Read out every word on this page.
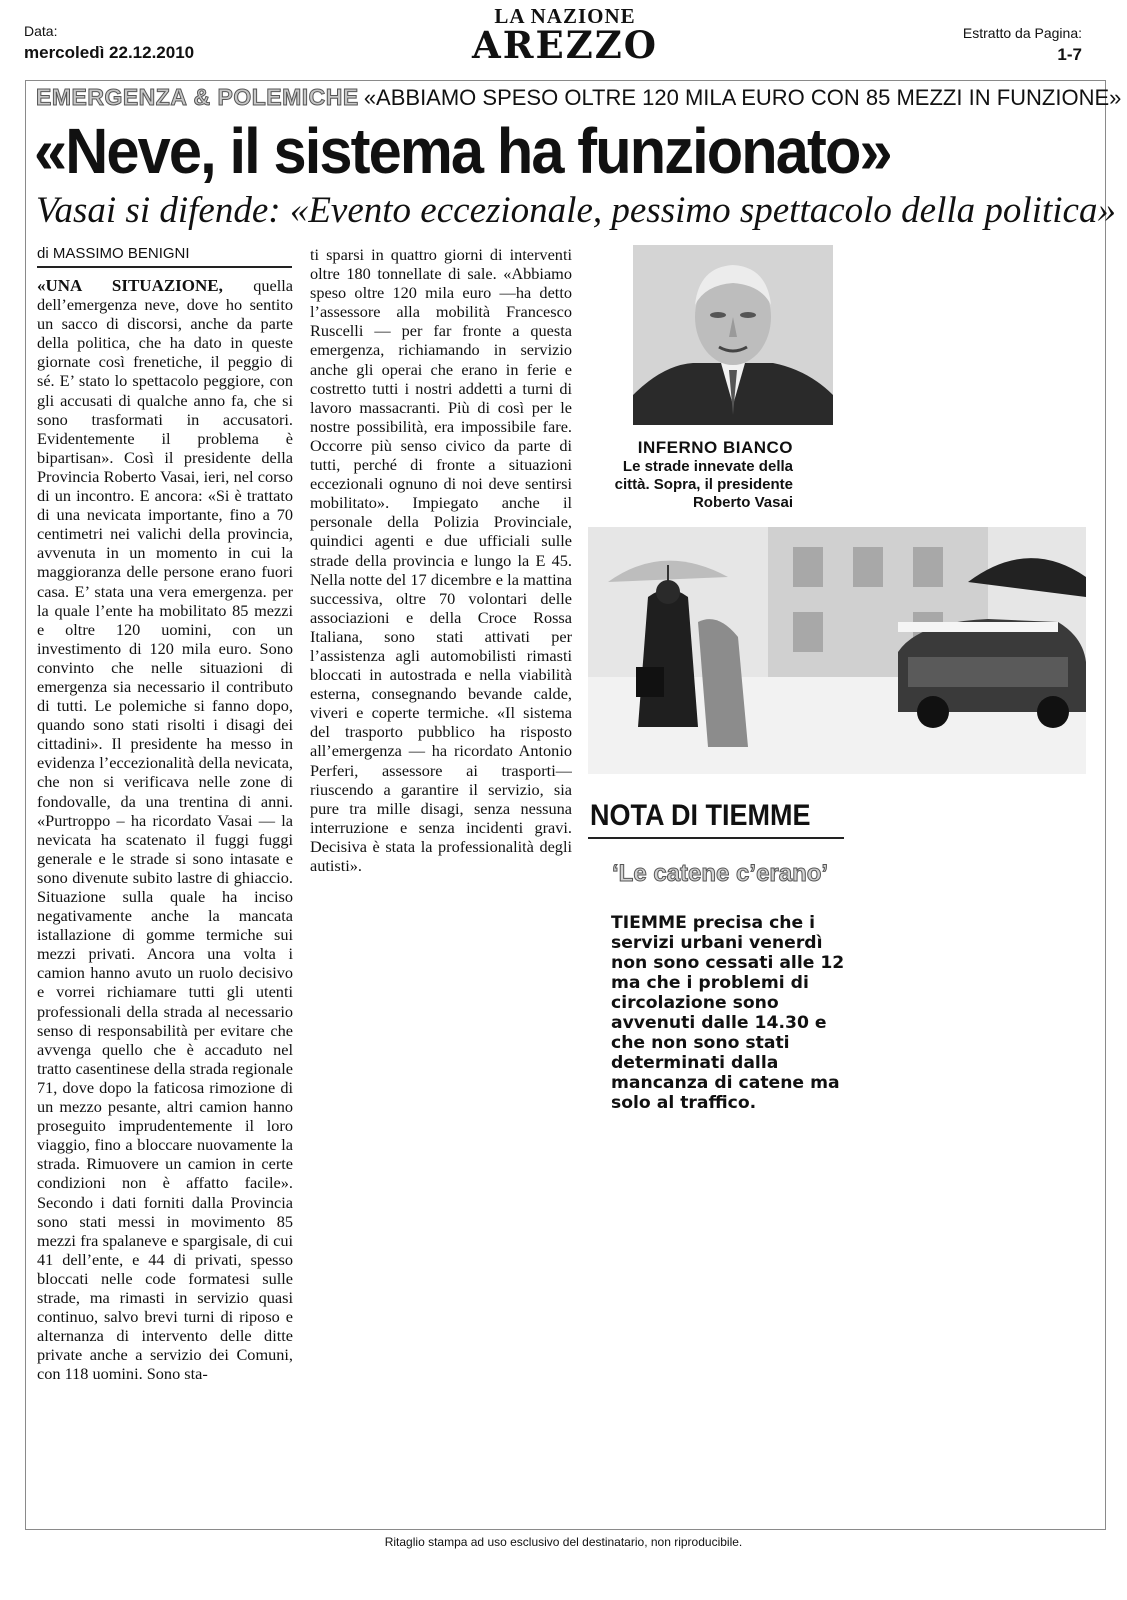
Data:
mercoledì 22.12.2010
LA NAZIONE
AREZZO	Estratto da Pagina:
1-7
EMERGENZA & POLEMICHE «ABBIAMO SPESO OLTRE 120 MILA EURO CON 85 MEZZI IN FUNZIONE»
«Neve, il sistema ha funzionato»
Vasai si difende: «Evento eccezionale, pessimo spettacolo della politica»
di MASSIMO BENIGNI

«UNA SITUAZIONE, quella dell’emergenza neve, dove ho sentito un sacco di discorsi, anche da parte della politica, che ha dato in queste giornate così frenetiche, il peggio di sé. E’ stato lo spettacolo peggiore, con gli accusati di qualche anno fa, che si sono trasformati in accusatori. Evidentemente il problema è bipartisan». Così il presidente della Provincia Roberto Vasai, ieri, nel corso di un incontro. E ancora: «Si è trattato di una nevicata importante, fino a 70 centimetri nei valichi della provincia, avvenuta in un momento in cui la maggioranza delle persone erano fuori casa. E’ stata una vera emergenza. per la quale l’ente ha mobilitato 85 mezzi e oltre 120 uomini, con un investimento di 120 mila euro. Sono convinto che nelle situazioni di emergenza sia necessario il contributo di tutti. Le polemiche si fanno dopo, quando sono stati risolti i disagi dei cittadini». Il presidente ha messo in evidenza l’eccezionalità della nevicata, che non si verificava nelle zone di fondovalle, da una trentina di anni. «Purtroppo – ha ricordato Vasai — la nevicata ha scatenato il fuggi fuggi generale e le strade si sono intasate e sono divenute subito lastre di ghiaccio. Situazione sulla quale ha inciso negativamente anche la mancata istallazione di gomme termiche sui mezzi privati. Ancora una volta i camion hanno avuto un ruolo decisivo e vorrei richiamare tutti gli utenti professionali della strada al necessario senso di responsabilità per evitare che avvenga quello che è accaduto nel tratto casentinese della strada regionale 71, dove dopo la faticosa rimozione di un mezzo pesante, altri camion hanno proseguito imprudentemente il loro viaggio, fino a bloccare nuovamente la strada. Rimuovere un camion in certe condizioni non è affatto facile». Secondo i dati forniti dalla Provincia sono stati messi in movimento 85 mezzi fra spalaneve e spargisale, di cui 41 dell’ente, e 44 di privati, spesso bloccati nelle code formatesi sulle strade, ma rimasti in servizio quasi continuo, salvo brevi turni di riposo e alternanza di intervento delle ditte private anche a servizio dei Comuni, con 118 uomini. Sono sta-

ti sparsi in quattro giorni di interventi oltre 180 tonnellate di sale. «Abbiamo speso oltre 120 mila euro —ha detto l’assessore alla mobilità Francesco Ruscelli — per far fronte a questa emergenza, richiamando in servizio anche gli operai che erano in ferie e costretto tutti i nostri addetti a turni di lavoro massacranti. Più di così per le nostre possibilità, era impossibile fare. Occorre più senso civico da parte di tutti, perché di fronte a situazioni eccezionali ognuno di noi deve sentirsi mobilitato». Impiegato anche il personale della Polizia Provinciale, quindici agenti e due ufficiali sulle strade della provincia e lungo la E 45. Nella notte del 17 dicembre e la mattina successiva, oltre 70 volontari delle associazioni e della Croce Rossa Italiana, sono stati attivati per l’assistenza agli automobilisti rimasti bloccati in autostrada e nella viabilità esterna, consegnando bevande calde, viveri e coperte termiche. «Il sistema del trasporto pubblico ha risposto all’emergenza — ha ricordato Antonio Perferi, assessore ai trasporti— riuscendo a garantire il servizio, sia pure tra mille disagi, senza nessuna interruzione e senza incidenti gravi. Decisiva è stata la professionalità degli autisti».

INFERNO BIANCO
Le strade innevate della
città. Sopra, il presidente
Roberto Vasai
NOTA DI TIEMME
‘Le catene c’erano’
TIEMME precisa che i servizi urbani venerdì non sono cessati alle 12 ma che i problemi di circolazione sono avvenuti dalle 14.30 e che non sono stati determinati dalla mancanza di catene ma solo al traffico.
Ritaglio stampa ad uso esclusivo del destinatario, non riproducibile.
